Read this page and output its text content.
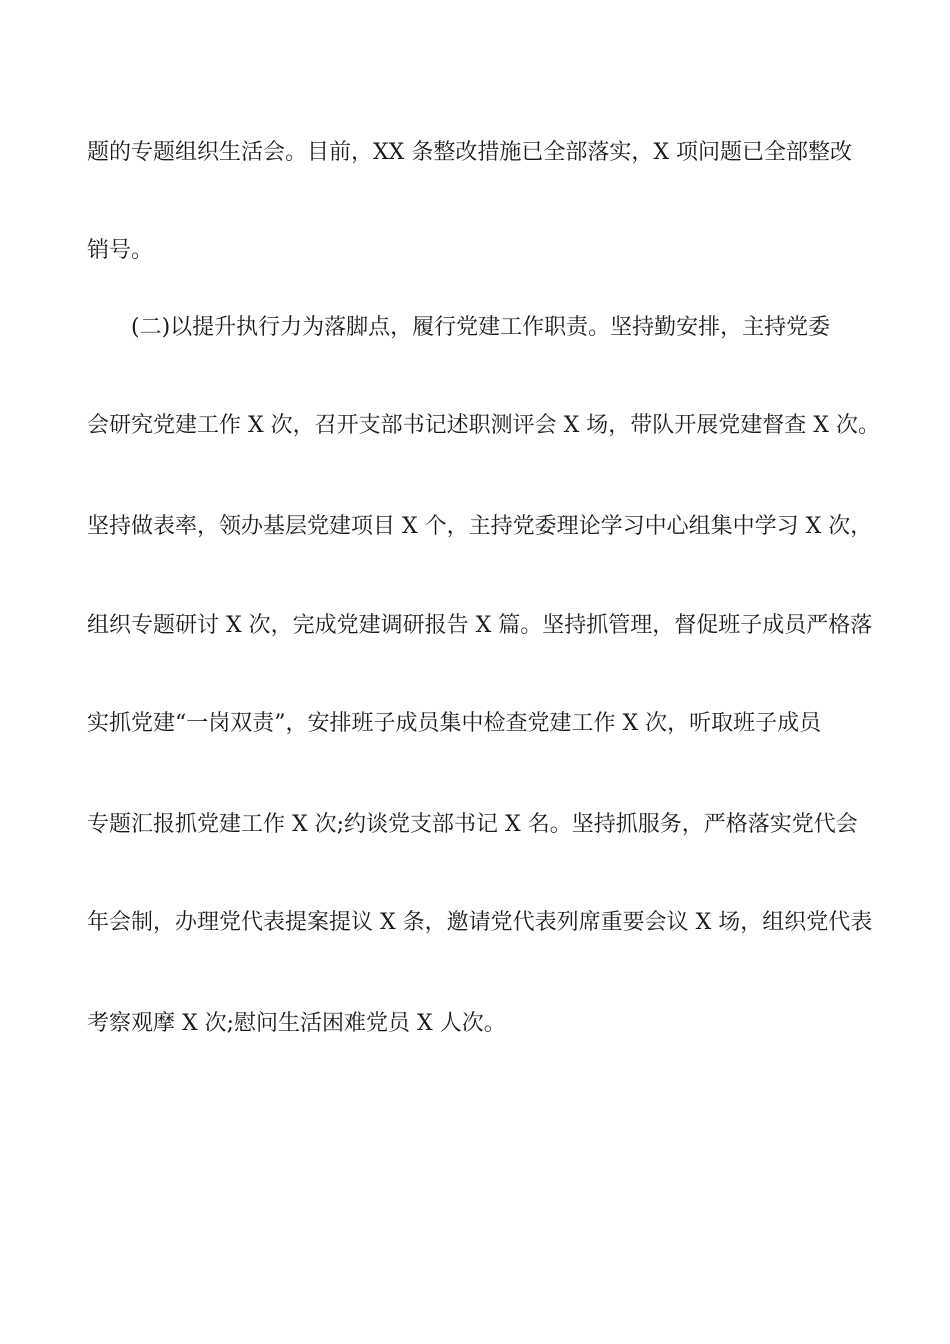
题的专题组织生活会。目前，XX 条整改措施已全部落实，X 项问题已全部整改
销号。
(二)以提升执行力为落脚点，履行党建工作职责。坚持勤安排，主持党委
会研究党建工作 X 次，召开支部书记述职测评会 X 场，带队开展党建督查 X 次。
坚持做表率，领办基层党建项目 X 个，主持党委理论学习中心组集中学习 X 次，
组织专题研讨 X 次，完成党建调研报告 X 篇。坚持抓管理，督促班子成员严格落
实抓党建“一岗双责”，安排班子成员集中检查党建工作 X 次，听取班子成员
专题汇报抓党建工作 X 次;约谈党支部书记 X 名。坚持抓服务，严格落实党代会
年会制，办理党代表提案提议 X 条，邀请党代表列席重要会议 X 场，组织党代表
考察观摩 X 次;慰问生活困难党员 X 人次。
